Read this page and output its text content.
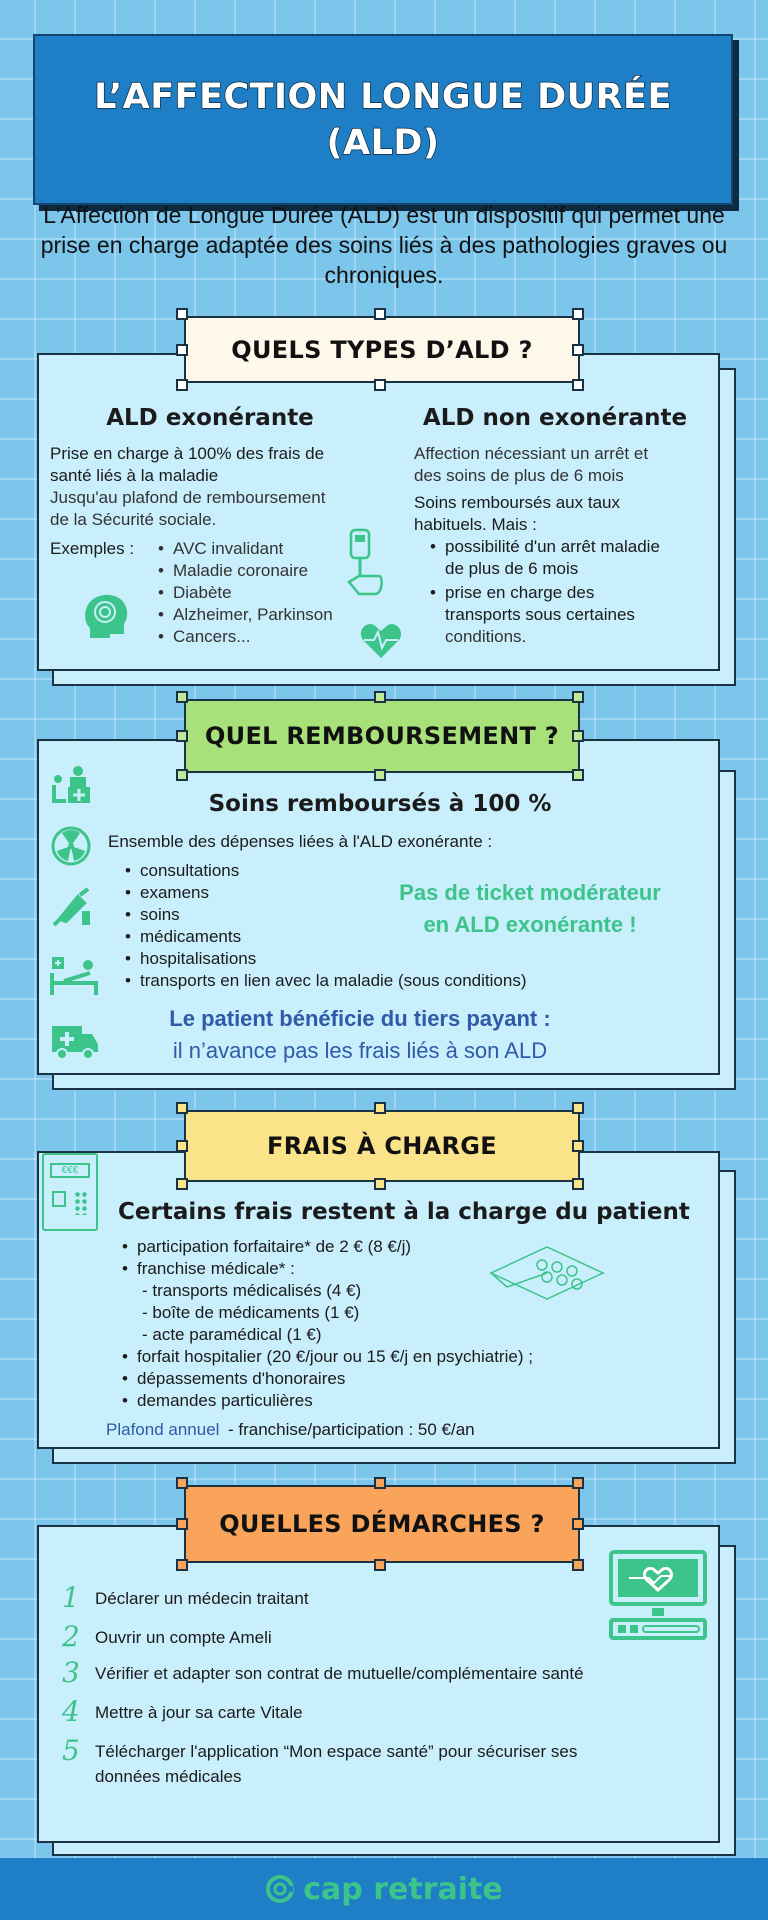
L’AFFECTION LONGUE DURÉE
(ALD)
L'Affection de Longue Durée (ALD) est un dispositif qui permet une prise en charge adaptée des soins liés à des pathologies graves ou chroniques.
QUELS TYPES D’ALD ?
ALD exonérante
Prise en charge à 100% des frais de
santé liés à la maladie
Jusqu'au plafond de remboursement
de la Sécurité sociale.
Exemples : • AVC invalidant
• Maladie coronaire
• Diabète
• Alzheimer, Parkinson
• Cancers...
ALD non exonérante
Affection nécessiant un arrêt et
des soins de plus de 6 mois
Soins remboursés aux taux
habituels. Mais :
• possibilité d'un arrêt maladie
de plus de 6 mois
• prise en charge des
transports sous certaines
conditions.
QUEL REMBOURSEMENT ?
Soins remboursés à 100 %
Ensemble des dépenses liées à l'ALD exonérante :
• consultations
• examens
• soins
• médicaments
• hospitalisations
• transports en lien avec la maladie (sous conditions)
Pas de ticket modérateur
en ALD exonérante !
Le patient bénéficie du tiers payant :
il n’avance pas les frais liés à son ALD
FRAIS À CHARGE
€€€
Certains frais restent à la charge du patient
• participation forfaitaire* de 2 € (8 €/j)
• franchise médicale* :
- transports médicalisés (4 €)
- boîte de médicaments (1 €)
- acte paramédical (1 €)
• forfait hospitalier (20 €/jour ou 15 €/j en psychiatrie) ;
• dépassements d'honoraires
• demandes particulières
Plafond annuel - franchise/participation : 50 €/an
QUELLES DÉMARCHES ?
1 Déclarer un médecin traitant
2 Ouvrir un compte Ameli
3 Vérifier et adapter son contrat de mutuelle/complémentaire santé
4 Mettre à jour sa carte Vitale
5 Télécharger l'application “Mon espace santé” pour sécuriser ses
données médicales
cap retraite
